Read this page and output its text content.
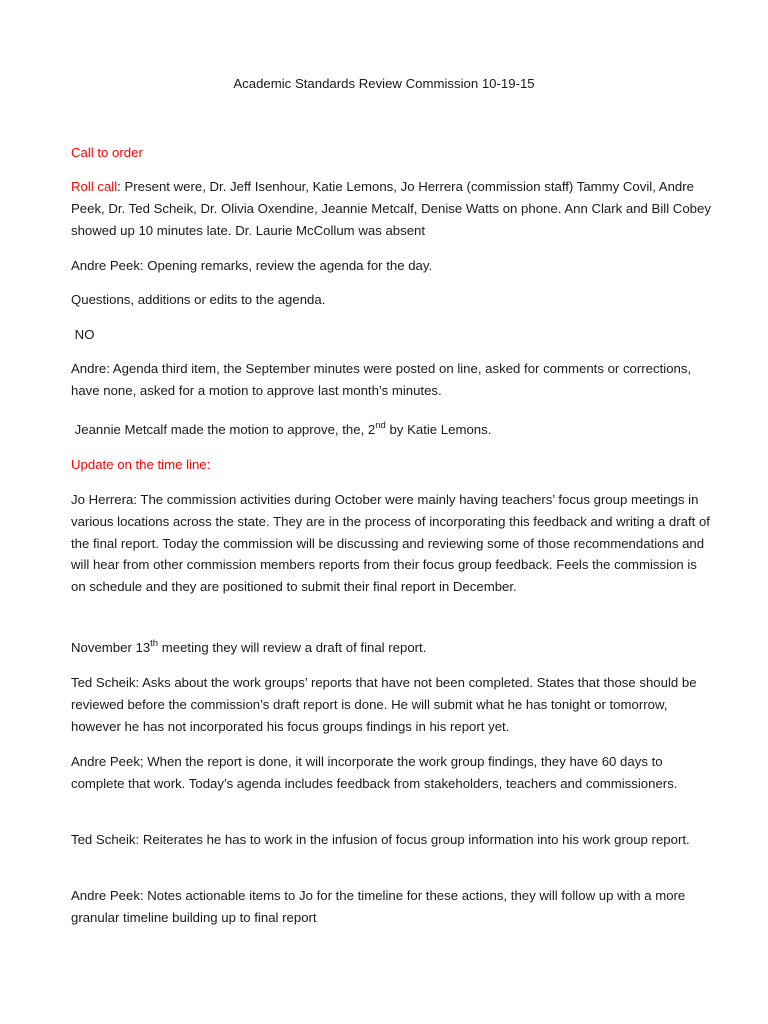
Academic Standards Review Commission 10-19-15
Call to order
Roll call: Present were, Dr. Jeff Isenhour, Katie Lemons, Jo Herrera (commission staff) Tammy Covil, Andre Peek, Dr. Ted Scheik, Dr. Olivia Oxendine, Jeannie Metcalf, Denise Watts on phone. Ann Clark and Bill Cobey showed up 10 minutes late. Dr. Laurie McCollum was absent
Andre Peek: Opening remarks, review the agenda for the day.
Questions, additions or edits to the agenda.
NO
Andre: Agenda third item, the September minutes were posted on line, asked for comments or corrections, have none, asked for a motion to approve last month’s minutes.
Jeannie Metcalf made the motion to approve, the, 2nd by Katie Lemons.
Update on the time line:
Jo Herrera: The commission activities during October were mainly having teachers’ focus group meetings in various locations across the state. They are in the process of incorporating this feedback and writing a draft of the final report. Today the commission will be discussing and reviewing some of those recommendations and will hear from other commission members reports from their focus group feedback. Feels the commission is on schedule and they are positioned to submit their final report in December.
November 13th meeting they will review a draft of final report.
Ted Scheik: Asks about the work groups’ reports that have not been completed. States that those should be reviewed before the commission’s draft report is done. He will submit what he has tonight or tomorrow, however he has not incorporated his focus groups findings in his report yet.
Andre Peek; When the report is done, it will incorporate the work group findings, they have 60 days to complete that work. Today’s agenda includes feedback from stakeholders, teachers and commissioners.
Ted Scheik: Reiterates he has to work in the infusion of focus group information into his work group report.
Andre Peek: Notes actionable items to Jo for the timeline for these actions, they will follow up with a more granular timeline building up to final report
